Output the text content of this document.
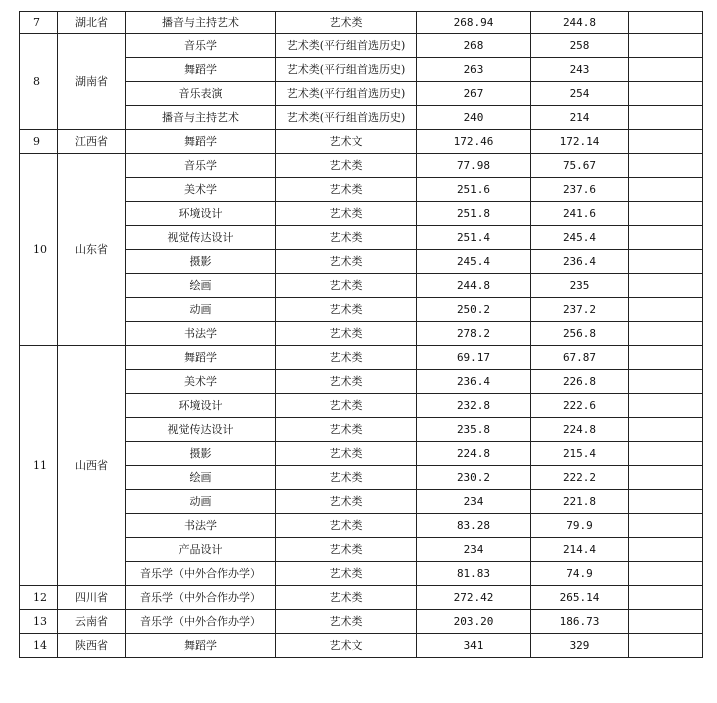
7	湖北省	播音与主持艺术	艺术类	268.94	244.8	
8	湖南省	音乐学	艺术类(平行组首选历史)	268	258	
		舞蹈学	艺术类(平行组首选历史)	263	243	
		音乐表演	艺术类(平行组首选历史)	267	254	
		播音与主持艺术	艺术类(平行组首选历史)	240	214	
9	江西省	舞蹈学	艺术文	172.46	172.14	
10	山东省	音乐学	艺术类	77.98	75.67	
		美术学	艺术类	251.6	237.6	
		环境设计	艺术类	251.8	241.6	
		视觉传达设计	艺术类	251.4	245.4	
		摄影	艺术类	245.4	236.4	
		绘画	艺术类	244.8	235	
		动画	艺术类	250.2	237.2	
		书法学	艺术类	278.2	256.8	
11	山西省	舞蹈学	艺术类	69.17	67.87	
		美术学	艺术类	236.4	226.8	
		环境设计	艺术类	232.8	222.6	
		视觉传达设计	艺术类	235.8	224.8	
		摄影	艺术类	224.8	215.4	
		绘画	艺术类	230.2	222.2	
		动画	艺术类	234	221.8	
		书法学	艺术类	83.28	79.9	
		产品设计	艺术类	234	214.4	
		音乐学（中外合作办学）	艺术类	81.83	74.9	
12	四川省	音乐学（中外合作办学）	艺术类	272.42	265.14	
13	云南省	音乐学（中外合作办学）	艺术类	203.20	186.73	
14	陕西省	舞蹈学	艺术文	341	329	
